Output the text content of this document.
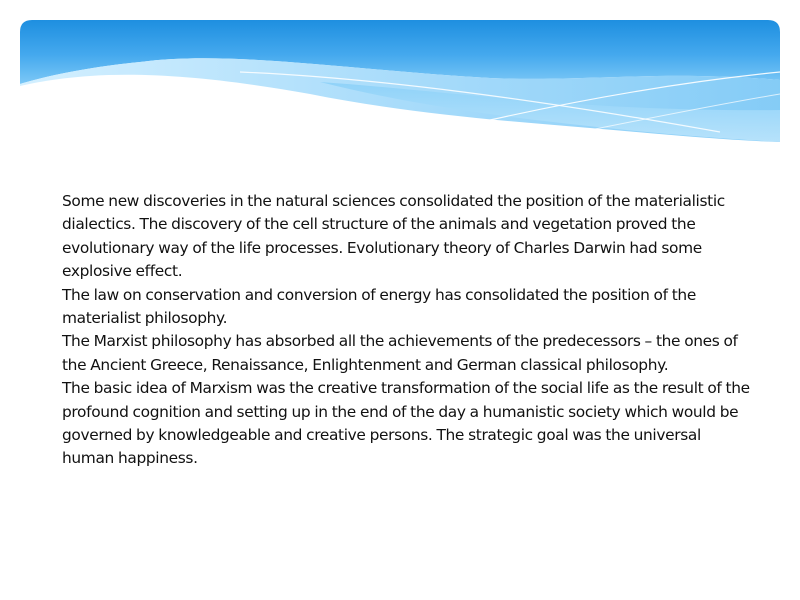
Some new discoveries in the natural sciences consolidated the position of the materialistic dialectics. The discovery of the cell structure of the animals and vegetation proved the evolutionary way of the life processes. Evolutionary theory of Charles Darwin had some explosive effect.

The law on conservation and conversion of energy has consolidated the position of the materialist philosophy.

The Marxist philosophy has absorbed all the achievements of the predecessors – the ones of the Ancient Greece, Renaissance, Enlightenment and German classical philosophy.

The basic idea of Marxism was the creative transformation of the social life as the result of the profound cognition and setting up in the end of the day a humanistic society which would be governed by knowledgeable and creative persons. The strategic goal was the universal human happiness.
